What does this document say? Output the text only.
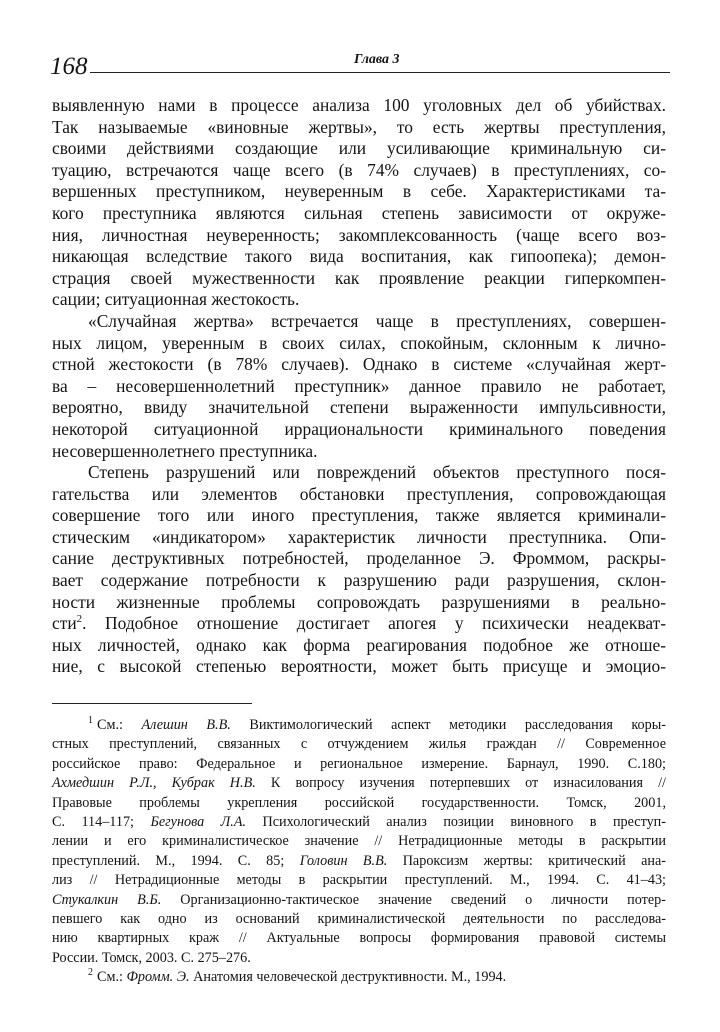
168	Глава 3
выявленную нами в процессе анализа 100 уголовных дел об убийствах.
Так называемые «виновные жертвы», то есть жертвы преступления,
своими действиями создающие или усиливающие криминальную си-
туацию, встречаются чаще всего (в 74% случаев) в преступлениях, со-
вершенных преступником, неуверенным в себе. Характеристиками та-
кого преступника являются сильная степень зависимости от окруже-
ния, личностная неуверенность; закомплексованность (чаще всего воз-
никающая вследствие такого вида воспитания, как гипоопека); демон-
страция своей мужественности как проявление реакции гиперкомпен-
сации; ситуационная жестокость.
«Случайная жертва» встречается чаще в преступлениях, совершен-
ных лицом, уверенным в своих силах, спокойным, склонным к лично-
стной жестокости (в 78% случаев). Однако в системе «случайная жерт-
ва – несовершеннолетний преступник» данное правило не работает,
вероятно, ввиду значительной степени выраженности импульсивности,
некоторой ситуационной иррациональности криминального поведения
несовершеннолетнего преступника.
Степень разрушений или повреждений объектов преступного пося-
гательства или элементов обстановки преступления, сопровождающая
совершение того или иного преступления, также является криминали-
стическим «индикатором» характеристик личности преступника. Опи-
сание деструктивных потребностей, проделанное Э. Фроммом, раскры-
вает содержание потребности к разрушению ради разрушения, склон-
ности жизненные проблемы сопровождать разрушениями в реально-
сти$^2$. Подобное отношение достигает апогея у психически неадекват-
ных личностей, однако как форма реагирования подобное же отноше-
ние, с высокой степенью вероятности, может быть присуще и эмоцио-
$^1$ См.: Алешин В.В. Виктимологический аспект методики расследования коры-
стных преступлений, связанных с отчуждением жилья граждан // Современное
российское право: Федеральное и региональное измерение. Барнаул, 1990. С.180;
Ахмедшин Р.Л., Кубрак Н.В. К вопросу изучения потерпевших от изнасилования //
Правовые проблемы укрепления российской государственности. Томск, 2001,
С. 114–117; Бегунова Л.А. Психологический анализ позиции виновного в преступ-
лении и его криминалистическое значение // Нетрадиционные методы в раскрытии
преступлений. М., 1994. С. 85; Головин В.В. Пароксизм жертвы: критический ана-
лиз // Нетрадиционные методы в раскрытии преступлений. М., 1994. С. 41–43;
Стукалкин В.Б. Организационно-тактическое значение сведений о личности потер-
певшего как одно из оснований криминалистической деятельности по расследова-
нию квартирных краж // Актуальные вопросы формирования правовой системы
России. Томск, 2003. С. 275–276.
$^2$ См.: Фромм. Э. Анатомия человеческой деструктивности. М., 1994.
